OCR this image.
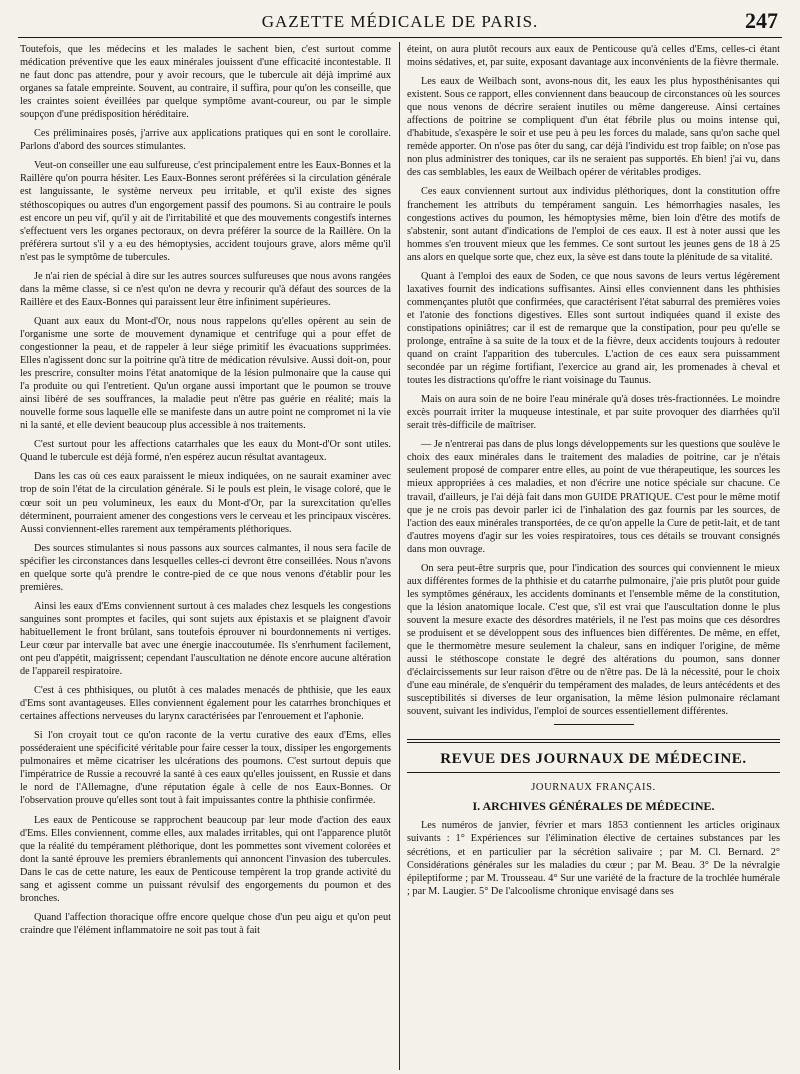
GAZETTE MÉDICALE DE PARIS.	247

Toutefois, que les médecins et les malades le sachent bien, c'est surtout comme médication préventive que les eaux minérales jouissent d'une efficacité incontestable. Il ne faut donc pas attendre, pour y avoir recours, que le tubercule ait déjà imprimé aux organes sa fatale empreinte. Souvent, au contraire, il suffira, pour qu'on les conseille, que les craintes soient éveillées par quelque symptôme avant-coureur, ou par le simple soupçon d'une prédisposition héréditaire.

Ces préliminaires posés, j'arrive aux applications pratiques qui en sont le corollaire. Parlons d'abord des sources stimulantes.

Veut-on conseiller une eau sulfureuse, c'est principalement entre les Eaux-Bonnes et la Raillère qu'on pourra hésiter. Les Eaux-Bonnes seront préférées si la circulation générale est languissante, le système nerveux peu irritable, et qu'il existe des signes stéthoscopiques ou autres d'un engorgement passif des poumons. Si au contraire le pouls est encore un peu vif, qu'il y ait de l'irritabilité et que des mouvements congestifs internes s'effectuent vers les organes pectoraux, on devra préférer la source de la Raillère. On la préférera surtout s'il y a eu des hémoptysies, accident toujours grave, alors même qu'il n'est pas le symptôme de tubercules.

Je n'ai rien de spécial à dire sur les autres sources sulfureuses que nous avons rangées dans la même classe, si ce n'est qu'on ne devra y recourir qu'à défaut des sources de la Raillère et des Eaux-Bonnes qui paraissent leur être infiniment supérieures.

Quant aux eaux du Mont-d'Or, nous nous rappelons qu'elles opèrent au sein de l'organisme une sorte de mouvement dynamique et centrifuge qui a pour effet de congestionner la peau, et de rappeler à leur siége primitif les évacuations supprimées. Elles n'agissent donc sur la poitrine qu'à titre de médication révulsive. Aussi doit-on, pour les prescrire, consulter moins l'état anatomique de la lésion pulmonaire que la cause qui l'a produite ou qui l'entretient. Qu'un organe aussi important que le poumon se trouve ainsi libéré de ses souffrances, la maladie peut n'être pas guérie en réalité; mais la nouvelle forme sous laquelle elle se manifeste dans un autre point ne compromet ni la vie ni la santé, et elle devient beaucoup plus accessible à nos traitements.

C'est surtout pour les affections catarrhales que les eaux du Mont-d'Or sont utiles. Quand le tubercule est déjà formé, n'en espérez aucun résultat avantageux.

Dans les cas où ces eaux paraissent le mieux indiquées, on ne saurait examiner avec trop de soin l'état de la circulation générale. Si le pouls est plein, le visage coloré, que le cœur soit un peu volumineux, les eaux du Mont-d'Or, par la surexcitation qu'elles déterminent, pourraient amener des congestions vers le cerveau et les principaux viscères. Aussi conviennent-elles rarement aux tempéraments pléthoriques.

Des sources stimulantes si nous passons aux sources calmantes, il nous sera facile de spécifier les circonstances dans lesquelles celles-ci devront être conseillées. Nous n'avons en quelque sorte qu'à prendre le contre-pied de ce que nous venons d'établir pour les premières.

Ainsi les eaux d'Ems conviennent surtout à ces malades chez lesquels les congestions sanguines sont promptes et faciles, qui sont sujets aux épistaxis et se plaignent d'avoir habituellement le front brûlant, sans toutefois éprouver ni bourdonnements ni vertiges. Leur cœur par intervalle bat avec une énergie inaccoutumée. Ils s'enrhument facilement, ont peu d'appétit, maigrissent; cependant l'auscultation ne dénote encore aucune altération de l'appareil respiratoire.

C'est à ces phthisiques, ou plutôt à ces malades menacés de phthisie, que les eaux d'Ems sont avantageuses. Elles conviennent également pour les catarrhes bronchiques et certaines affections nerveuses du larynx caractérisées par l'enrouement et l'aphonie.

Si l'on croyait tout ce qu'on raconte de la vertu curative des eaux d'Ems, elles posséderaient une spécificité véritable pour faire cesser la toux, dissiper les engorgements pulmonaires et même cicatriser les ulcérations des poumons. C'est surtout depuis que l'impératrice de Russie a recouvré la santé à ces eaux qu'elles jouissent, en Russie et dans le nord de l'Allemagne, d'une réputation égale à celle de nos Eaux-Bonnes. Or l'observation prouve qu'elles sont tout à fait impuissantes contre la phthisie confirmée.

Les eaux de Penticouse se rapprochent beaucoup par leur mode d'action des eaux d'Ems. Elles conviennent, comme elles, aux malades irritables, qui ont l'apparence plutôt que la réalité du tempérament pléthorique, dont les pommettes sont vivement colorées et dont la santé éprouve les premiers ébranlements qui annoncent l'invasion des tubercules. Dans le cas de cette nature, les eaux de Penticouse tempèrent la trop grande activité du sang et agissent comme un puissant révulsif des engorgements du poumon et des bronches.

Quand l'affection thoracique offre encore quelque chose d'un peu aigu et qu'on peut craindre que l'élément inflammatoire ne soit pas tout à fait

éteint, on aura plutôt recours aux eaux de Penticouse qu'à celles d'Ems, celles-ci étant moins sédatives, et, par suite, exposant davantage aux inconvénients de la fièvre thermale.

Les eaux de Weilbach sont, avons-nous dit, les eaux les plus hyposthénisantes qui existent. Sous ce rapport, elles conviennent dans beaucoup de circonstances où les sources que nous venons de décrire seraient inutiles ou même dangereuse. Ainsi certaines affections de poitrine se compliquent d'un état fébrile plus ou moins intense qui, d'habitude, s'exaspère le soir et use peu à peu les forces du malade, sans qu'on sache quel remède apporter. On n'ose pas ôter du sang, car déjà l'individu est trop faible; on n'ose pas non plus administrer des toniques, car ils ne seraient pas supportés. Eh bien! j'ai vu, dans des cas semblables, les eaux de Weilbach opérer de véritables prodiges.

Ces eaux conviennent surtout aux individus pléthoriques, dont la constitution offre franchement les attributs du tempérament sanguin. Les hémorrhagies nasales, les congestions actives du poumon, les hémoptysies même, bien loin d'être des motifs de s'abstenir, sont autant d'indications de l'emploi de ces eaux. Il est à noter aussi que les hommes s'en trouvent mieux que les femmes. Ce sont surtout les jeunes gens de 18 à 25 ans alors en quelque sorte que, chez eux, la sève est dans toute la plénitude de sa vitalité.

Quant à l'emploi des eaux de Soden, ce que nous savons de leurs vertus légèrement laxatives fournit des indications suffisantes. Ainsi elles conviennent dans les phthisies commençantes plutôt que confirmées, que caractérisent l'état saburral des premières voies et l'atonie des fonctions digestives. Elles sont surtout indiquées quand il existe des constipations opiniâtres; car il est de remarque que la constipation, pour peu qu'elle se prolonge, entraîne à sa suite de la toux et de la fièvre, deux accidents toujours à redouter quand on craint l'apparition des tubercules. L'action de ces eaux sera puissamment secondée par un régime fortifiant, l'exercice au grand air, les promenades à cheval et toutes les distractions qu'offre le riant voisinage du Taunus.

Mais on aura soin de ne boire l'eau minérale qu'à doses très-fractionnées. Le moindre excès pourrait irriter la muqueuse intestinale, et par suite provoquer des diarrhées qu'il serait très-difficile de maîtriser.

— Je n'entrerai pas dans de plus longs développements sur les questions que soulève le choix des eaux minérales dans le traitement des maladies de poitrine, car je n'étais seulement proposé de comparer entre elles, au point de vue thérapeutique, les sources les mieux appropriées à ces maladies, et non d'écrire une notice spéciale sur chacune. Ce travail, d'ailleurs, je l'ai déjà fait dans mon GUIDE PRATIQUE. C'est pour le même motif que je ne crois pas devoir parler ici de l'inhalation des gaz fournis par les sources, de l'action des eaux minérales transportées, de ce qu'on appelle la Cure de petit-lait, et de tant d'autres moyens d'agir sur les voies respiratoires, tous ces détails se trouvant consignés dans mon ouvrage.

On sera peut-être surpris que, pour l'indication des sources qui conviennent le mieux aux différentes formes de la phthisie et du catarrhe pulmonaire, j'aie pris plutôt pour guide les symptômes généraux, les accidents dominants et l'ensemble même de la constitution, que la lésion anatomique locale. C'est que, s'il est vrai que l'auscultation donne le plus souvent la mesure exacte des désordres matériels, il ne l'est pas moins que ces désordres se produisent et se développent sous des influences bien différentes. De même, en effet, que le thermomètre mesure seulement la chaleur, sans en indiquer l'origine, de même aussi le stéthoscope constate le degré des altérations du poumon, sans donner d'éclaircissements sur leur raison d'être ou de n'être pas. De là la nécessité, pour le choix d'une eau minérale, de s'enquérir du tempérament des malades, de leurs antécédents et des susceptibilités si diverses de leur organisation, la même lésion pulmonaire réclamant souvent, suivant les individus, l'emploi de sources essentiellement différentes.

REVUE DES JOURNAUX DE MÉDECINE.
JOURNAUX FRANÇAIS.
I. ARCHIVES GÉNÉRALES DE MÉDECINE.

Les numéros de janvier, février et mars 1853 contiennent les articles originaux suivants : 1° Expériences sur l'élimination élective de certaines substances par les sécrétions, et en particulier par la sécrétion salivaire ; par M. Cl. Bernard. 2° Considérations générales sur les maladies du cœur ; par M. Beau. 3° De la névralgie épileptiforme ; par M. Trousseau. 4° Sur une variété de la fracture de la trochlée humérale ; par M. Laugier. 5° De l'alcoolisme chronique envisagé dans ses
